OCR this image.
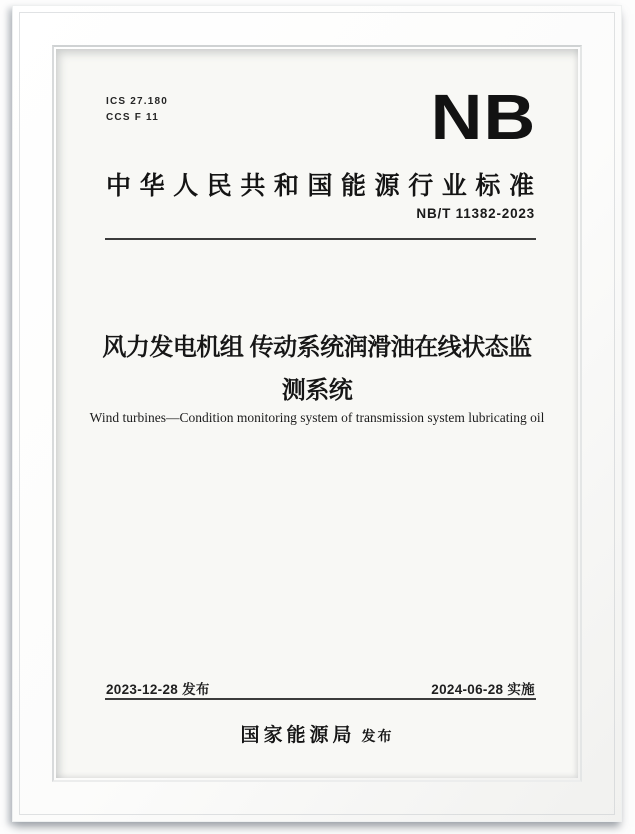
ICS 27.180
CCS F 11	NB
中 华 人 民 共 和 国 能 源 行 业 标 准
NB/T 11382-2023
风力发电机组 传动系统润滑油在线状态监
测系统
Wind turbines—Condition monitoring system of transmission system lubricating oil
2023-12-28 发布	2024-06-28 实施
国家能源局 发布
